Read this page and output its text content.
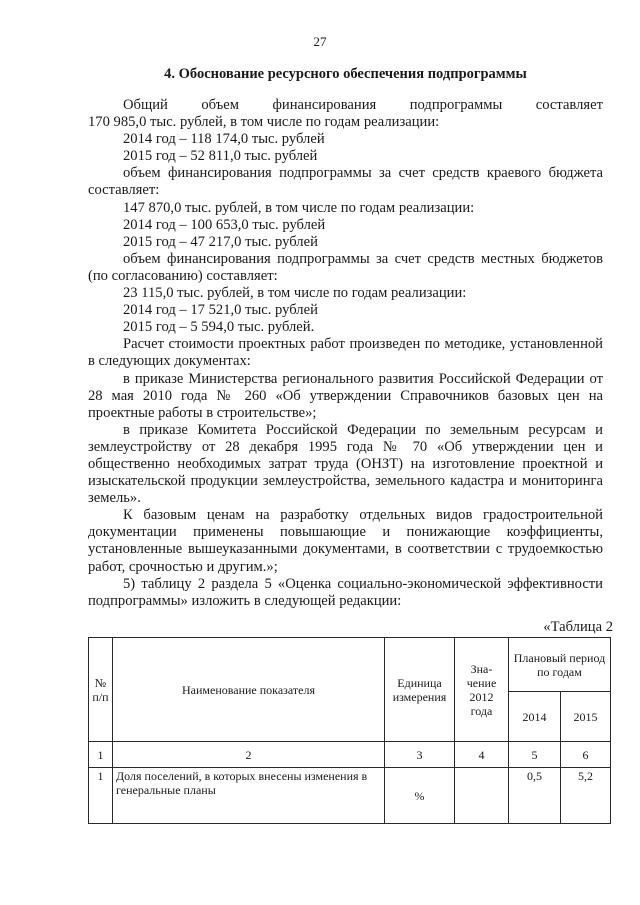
27
4. Обоснование ресурсного обеспечения подпрограммы

Общий объем финансирования подпрограммы составляет

170 985,0 тыс. рублей, в том числе по годам реализации:

2014 год – 118 174,0 тыс. рублей

2015 год – 52 811,0 тыс. рублей

объем финансирования подпрограммы за счет средств краевого бюджета составляет:

147 870,0 тыс. рублей, в том числе по годам реализации:

2014 год – 100 653,0 тыс. рублей

2015 год – 47 217,0 тыс. рублей

объем финансирования подпрограммы за счет средств местных бюджетов (по согласованию) составляет:

23 115,0 тыс. рублей, в том числе по годам реализации:

2014 год – 17 521,0 тыс. рублей

2015 год – 5 594,0 тыс. рублей.

Расчет стоимости проектных работ произведен по методике, установленной в следующих документах:

в приказе Министерства регионального развития Российской Федерации от 28 мая 2010 года № 260 «Об утверждении Справочников базовых цен на проектные работы в строительстве»;

в приказе Комитета Российской Федерации по земельным ресурсам и землеустройству от 28 декабря 1995 года № 70 «Об утверждении цен и общественно необходимых затрат труда (ОНЗТ) на изготовление проектной и изыскательской продукции землеустройства, земельного кадастра и мониторинга земель».

К базовым ценам на разработку отдельных видов градостроительной документации применены повышающие и понижающие коэффициенты, установленные вышеуказанными документами, в соответствии с трудоемкостью работ, срочностью и другим.»;

5) таблицу 2 раздела 5 «Оценка социально-экономической эффективности подпрограммы» изложить в следующей редакции:

«Таблица 2
№ п/п	Наименование показателя	Единица измерения	Зна-чение 2012 года	Плановый период по годам	
				2014	2015
1	2	3	4	5	6
1	Доля поселений, в которых внесены изменения в генеральные планы	%		0,5	5,2
